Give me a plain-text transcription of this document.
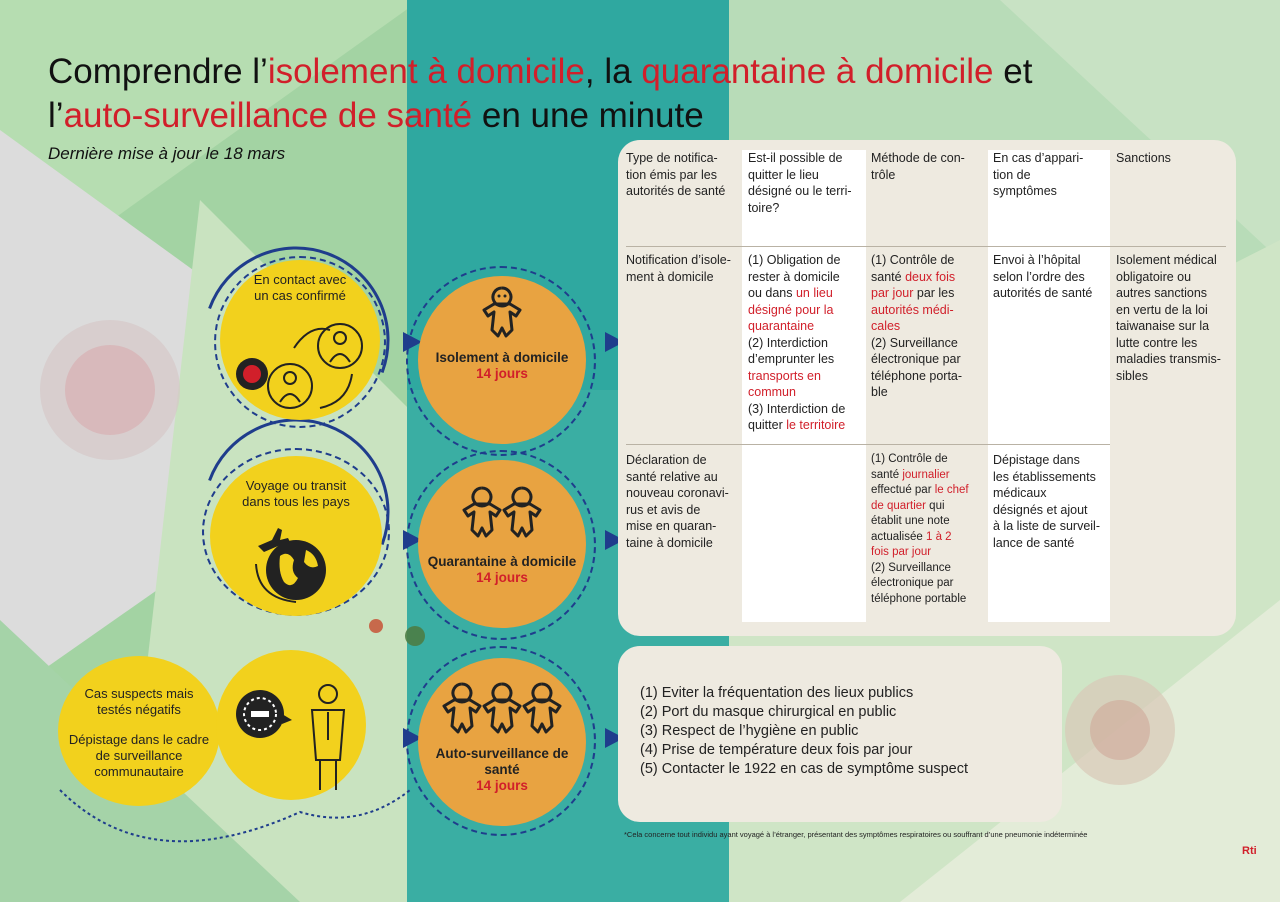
Comprendre l’isolement à domicile, la quarantaine à domicile et
l’auto-surveillance de santé en une minute
Dernière mise à jour le 18 mars
En contact avec
un cas confirmé
Voyage ou transit
dans tous les pays
Cas suspects mais
testés négatifs
Dépistage dans le cadre
de surveillance
communautaire
Isolement à domicile
14 jours
Quarantaine à domicile
14 jours
Auto-surveillance de
santé
14 jours
Type de notifica-
tion émis par les
autorités de santé
Est-il possible de
quitter le lieu
désigné ou le terri-
toire?
Méthode de con-
trôle
En cas d’appari-
tion de
symptômes
Sanctions
Notification d’isole-
ment à domicile
(1) Obligation de
rester à domicile
ou dans un lieu
désigné pour la
quarantaine
(2) Interdiction
d’emprunter les
transports en
commun
(3) Interdiction de
quitter le territoire
(1) Contrôle de
santé deux fois
par jour par les
autorités médi-
cales
(2) Surveillance
électronique par
téléphone porta-
ble
Envoi à l’hôpital
selon l’ordre des
autorités de santé
Isolement médical
obligatoire ou
autres sanctions
en vertu de la loi
taiwanaise sur la
lutte contre les
maladies transmis-
sibles
Déclaration de
santé relative au
nouveau coronavi-
rus et avis de
mise en quaran-
taine à domicile
(1) Contrôle de
santé journalier
effectué par le chef
de quartier qui
établit une note
actualisée 1 à 2
fois par jour
(2) Surveillance
électronique par
téléphone portable
Dépistage dans
les établissements
médicaux
désignés et ajout
à la liste de surveil-
lance de santé
(1) Eviter la fréquentation des lieux publics
(2) Port du masque chirurgical en public
(3) Respect de l’hygiène en public
(4) Prise de température deux fois par jour
(5) Contacter le 1922 en cas de symptôme suspect
*Cela concerne tout individu ayant voyagé à l’étranger, présentant des symptômes respiratoires ou souffrant d’une pneumonie indéterminée
Rti
